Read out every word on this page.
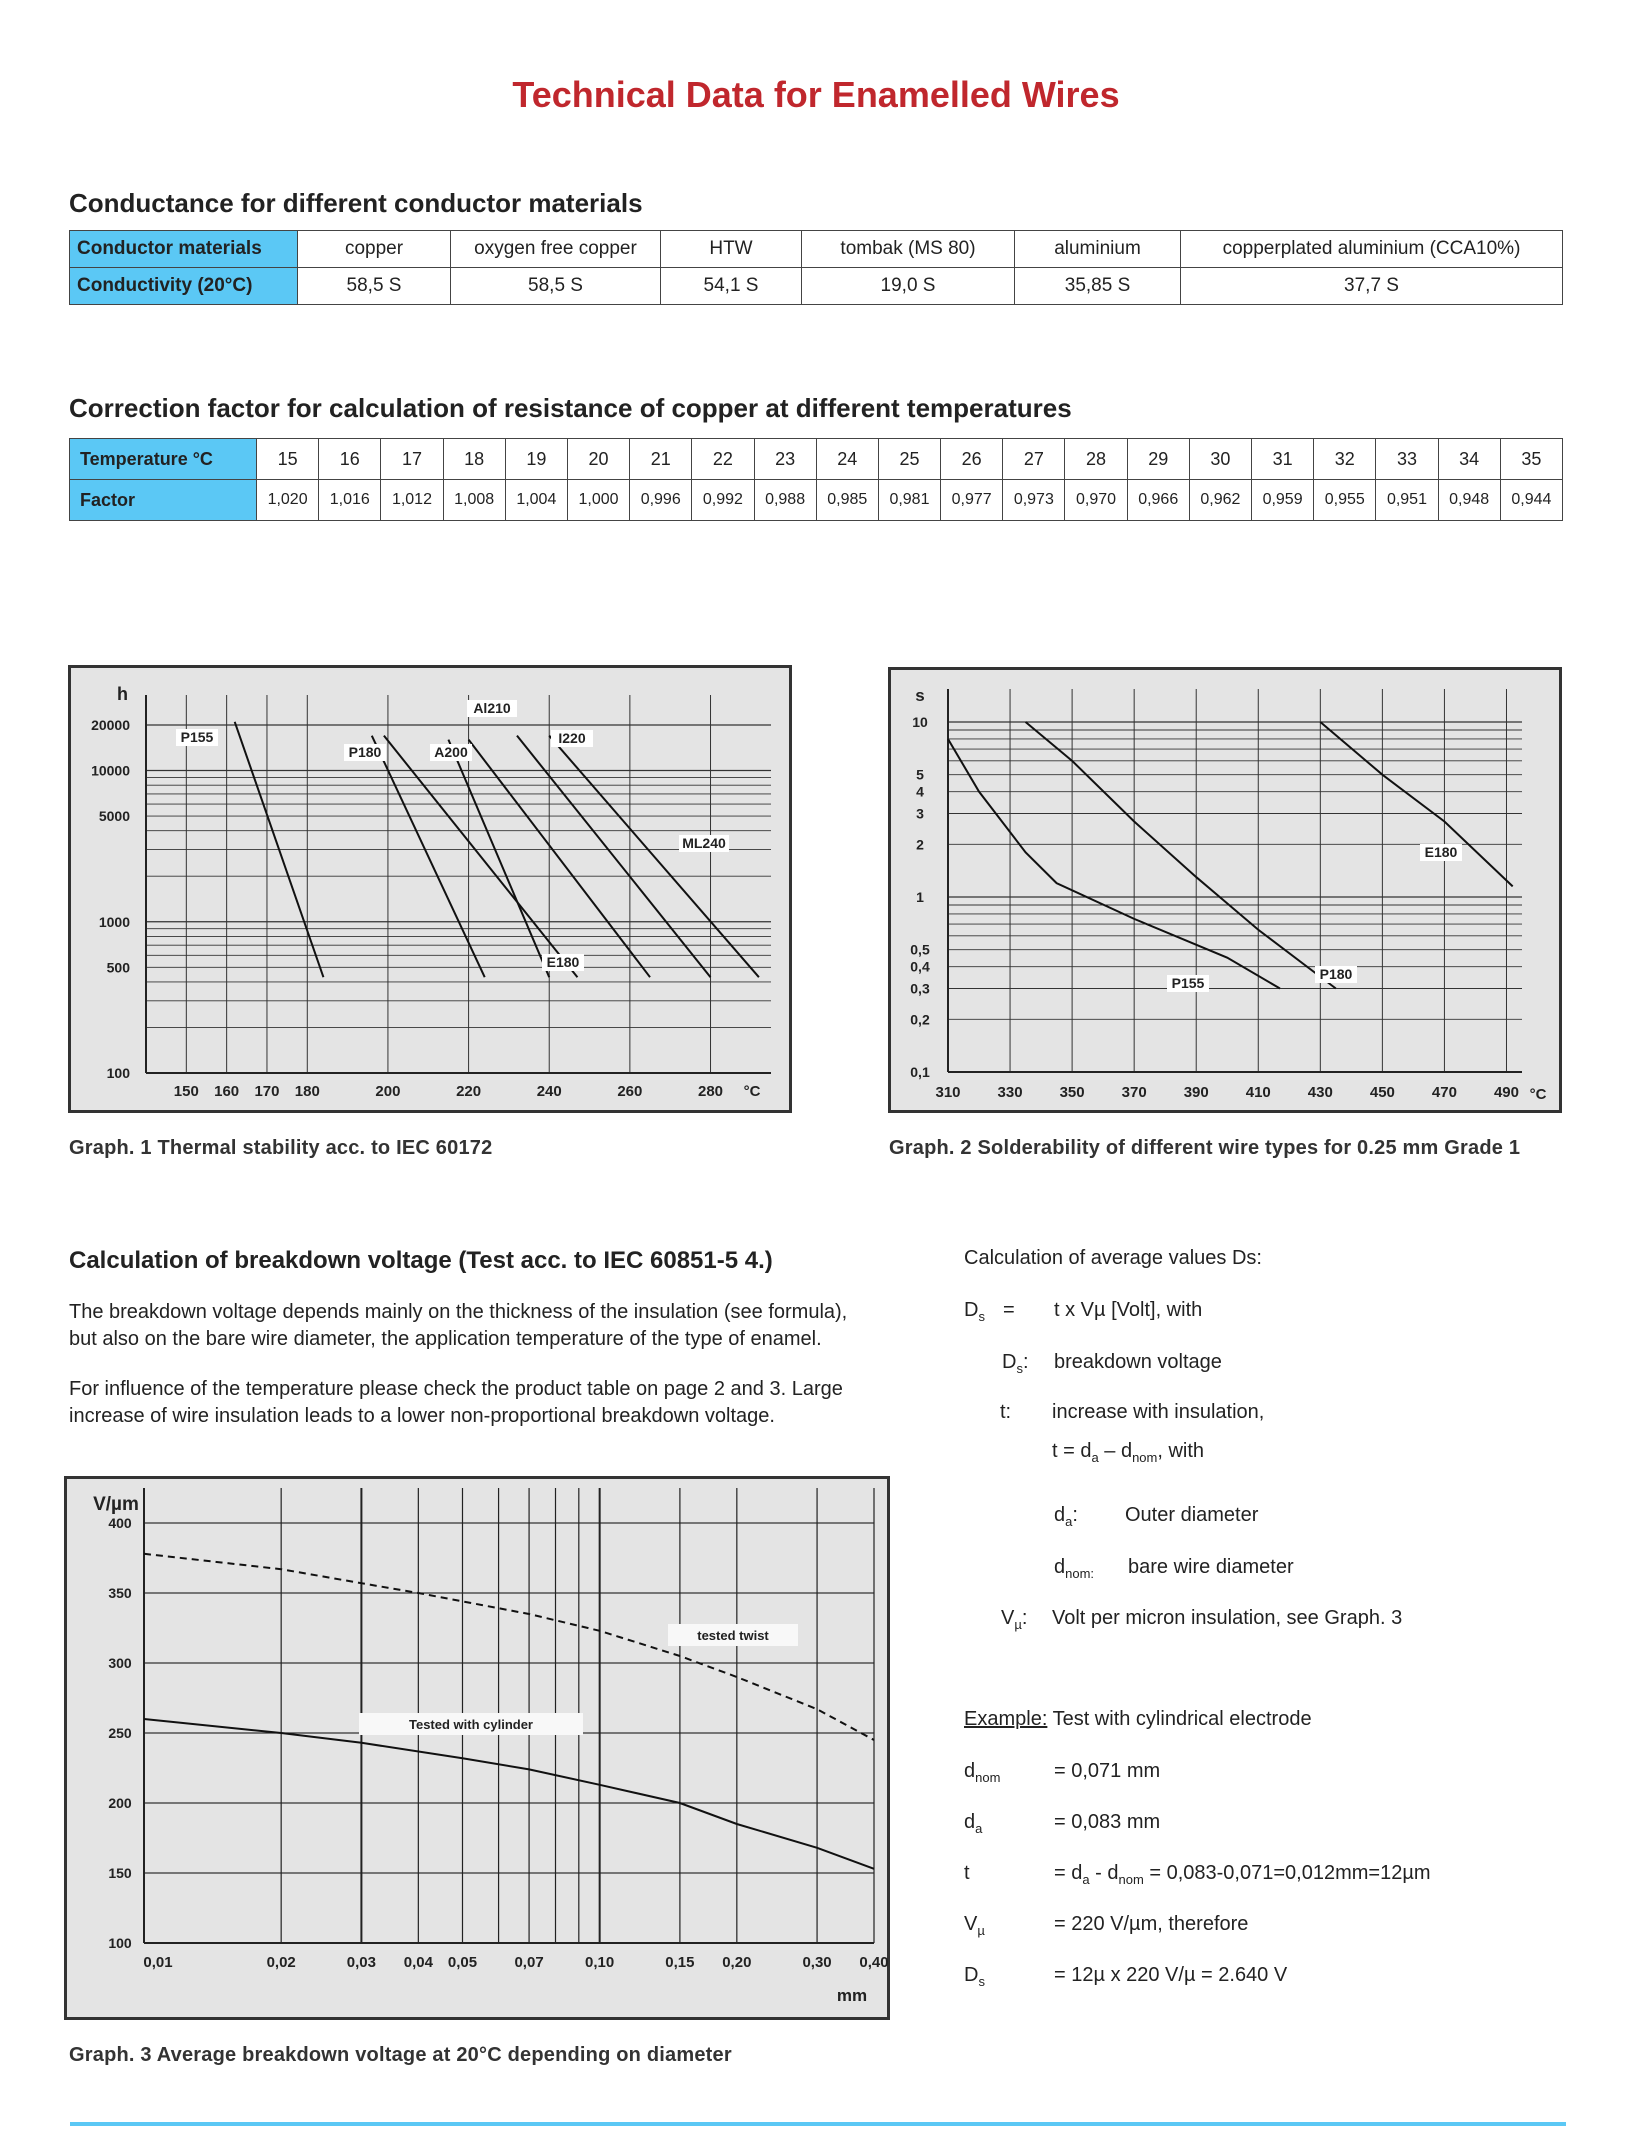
Technical Data for Enamelled Wires
Conductance for different conductor materials
Conductor materials	copper	oxygen free copper	HTW	tombak (MS 80)	aluminium	copperplated aluminium (CCA10%)
Conductivity (20°C)	58,5 S	58,5 S	54,1 S	19,0 S	35,85 S	37,7 S
Correction factor for calculation of resistance of copper at different temperatures
Temperature °C	15	16	17	18	19	20	21	22	23	24	25	26	27	28	29	30	31	32	33	34	35
Factor	1,020	1,016	1,012	1,008	1,004	1,000	0,996	0,992	0,988	0,985	0,981	0,977	0,973	0,970	0,966	0,962	0,959	0,955	0,951	0,948	0,944
h
20000
10000
5000
1000
500
100
150 160 170 180	200	220	240	260	280 °C
P155
P180	A200
E180
Al210
I220
ML240
Graph. 1 Thermal stability acc. to IEC 60172
s
10
5
4
3
2
1
0,5
0,4
0,3
0,2
0,1
310 330 350 370 390 410 430 450 470 490 °C
P155
P180
E180
Graph. 2 Solderability of different wire types for 0.25 mm Grade 1
Calculation of breakdown voltage (Test acc. to IEC 60851-5 4.)
The breakdown voltage depends mainly on the thickness of the insulation (see formula),
but also on the bare wire diameter, the application temperature of the type of enamel.
For influence of the temperature please check the product table on page 2 and 3. Large
increase of wire insulation leads to a lower non-proportional breakdown voltage.
V/µm
400
350
300
250
200
150
100
0,01	0,02	0,03 0,04 0,05 0,07	0,10	0,15 0,20	0,30 0,40
mm
tested twist
Tested with cylinder
Graph. 3 Average breakdown voltage at 20°C depending on diameter
Calculation of average values Ds:
$D_s = t$ x Vµ [Volt], with
$D_s$: breakdown voltage
t: increase with insulation,
$t = d_a - d_{nom}$, with
$d_a$: Outer diameter
$d_{nom:}$ bare wire diameter
$V_\mu$: Volt per micron insulation, see Graph. 3
Example: Test with cylindrical electrode
$d_{nom}$	= 0,071 mm
$d_a$	= 0,083 mm
t	= $d_a - d_{nom} = 0,083-0,071=0,012mm=12\mu m$
$V_\mu$	= 220 V/µm, therefore
$D_s$	= 12µ x 220 V/µ = 2.640 V
